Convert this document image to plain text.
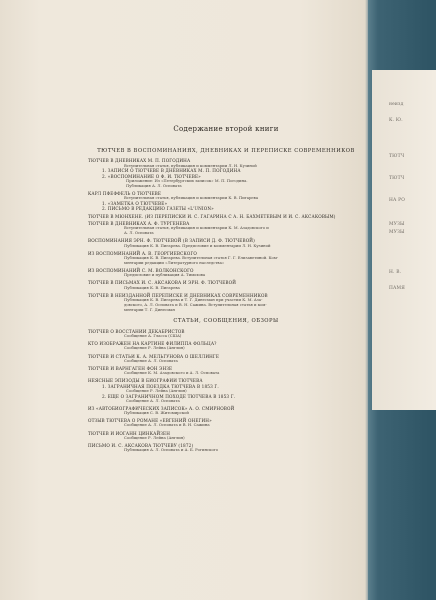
неизд
К. Ю.
ТЮТЧ
ТЮТЧ
НА РО
МУЗЫ
МУЗЫ
Н. В.
ПАМЯ
Содержание второй книги
ТЮТЧЕВ В ВОСПОМИНАНИЯХ, ДНЕВНИКАХ И ПЕРЕПИСКЕ СОВРЕМЕННИКОВ
ТЮТЧЕВ В ДНЕВНИКАХ М. П. ПОГОДИНА
Вступительная статья, публикация и комментарии Л. Н. Кузиной
1. ЗАПИСИ О ТЮТЧЕВЕ В ДНЕВНИКАХ М. П. ПОГОДИНА
2. «ВОСПОМИНАНИЕ О Ф. И. ТЮТЧЕВЕ»
Приложение: Из «Петербургских записок» М. П. Погодина.
Публикация А. Л. Осповата
КАРЛ ПФЕФФЕЛЬ О ТЮТЧЕВЕ
Вступительная статья, публикация и комментарии К. В. Пигарева
1. «ЗАМЕТКА О ТЮТЧЕВЕ»
2. ПИСЬМО В РЕДАКЦИЮ ГАЗЕТЫ «L'UNION»
ТЮТЧЕВ В МЮНХЕНЕ. (ИЗ ПЕРЕПИСКИ И. С. ГАГАРИНА С А. Н. БАХМЕТЕВЫМ И И. С. АКСАКОВЫМ)
ТЮТЧЕВ В ДНЕВНИКАХ А. Ф. ТУРГЕНЕВА
Вступительная статья, публикация и комментарии К. М. Азадовского и
А. Л. Осповата
ВОСПОМИНАНИЯ ЭРН. Ф. ТЮТЧЕВОЙ (В ЗАПИСИ Д. Ф. ТЮТЧЕВОЙ)
Публикация К. В. Пигарева. Предисловие и комментарии Л. Н. Кузиной
ИЗ ВОСПОМИНАНИЙ А. В. ГЕОРГИЕВСКОГО
Публикация К. В. Пигарева. Вступительная статья Г. Г. Елизаветиной. Ком-
ментарии редакции «Литературного наследства»
ИЗ ВОСПОМИНАНИЙ С. М. ВОЛКОНСКОГО
Предисловие и публикация А. Тимохова
ТЮТЧЕВ В ПИСЬМАХ И. С. АКСАКОВА И ЭРН. Ф. ТЮТЧЕВОЙ
Публикация К. В. Пигарева
ТЮТЧЕВ В НЕИЗДАННОЙ ПЕРЕПИСКЕ И ДНЕВНИКАХ СОВРЕМЕННИКОВ
Публикация К. В. Пигарева и Т. Г. Динесман при участии К. М. Аза-
довского, А. Л. Осповата и В. Н. Сажина. Вступительная статья и ком-
ментарии Т. Г. Динесман
СТАТЬИ, СООБЩЕНИЯ, ОБЗОРЫ
ТЮТЧЕВ О ВОССТАНИИ ДЕКАБРИСТОВ
Сообщение А. Гласса (США)
КТО ИЗОБРАЖЕН НА КАРТИНЕ ФИЛИППА ФОЛЬЦА?
Сообщение Р. Лейна (Англия)
ТЮТЧЕВ И СТАТЬИ К. А. МЕЛЬГУНОВА О ШЕЛЛИНГЕ
Сообщение А. Л. Осповата
ТЮТЧЕВ И ВАРНГАГЕН ФОН ЭНЗЕ
Сообщение К. М. Азадовского и А. Л. Осповата
НЕЯСНЫЕ ЭПИЗОДЫ В БИОГРАФИИ ТЮТЧЕВА
1. ЗАГРАНИЧНАЯ ПОЕЗДКА ТЮТЧЕВА В 1853 Г.
Сообщение Р. Лейна (Англия)
2. ЕЩЕ О ЗАГРАНИЧНОМ ПОХОДЕ ТЮТЧЕВА В 1853 Г.
Сообщение А. Л. Осповата
ИЗ «АВТОБИОГРАФИЧЕСКИХ ЗАПИСОК» А. О. СМИРНОВОЙ
Публикация С. В. Житомирской
ОТЗЫВ ТЮТЧЕВА О РОМАНЕ «ЕВГЕНИЙ ОНЕГИН»
Сообщение А. Л. Осповата и В. Н. Сажина
ТЮТЧЕВ И ИОГАНН ЦИНКАЙЗЕН
Сообщение Р. Лейна (Англия)
ПИСЬМО И. С. АКСАКОВА ТЮТЧЕВУ (1872)
Публикация А. Л. Осповата и А. Б. Рогинского
